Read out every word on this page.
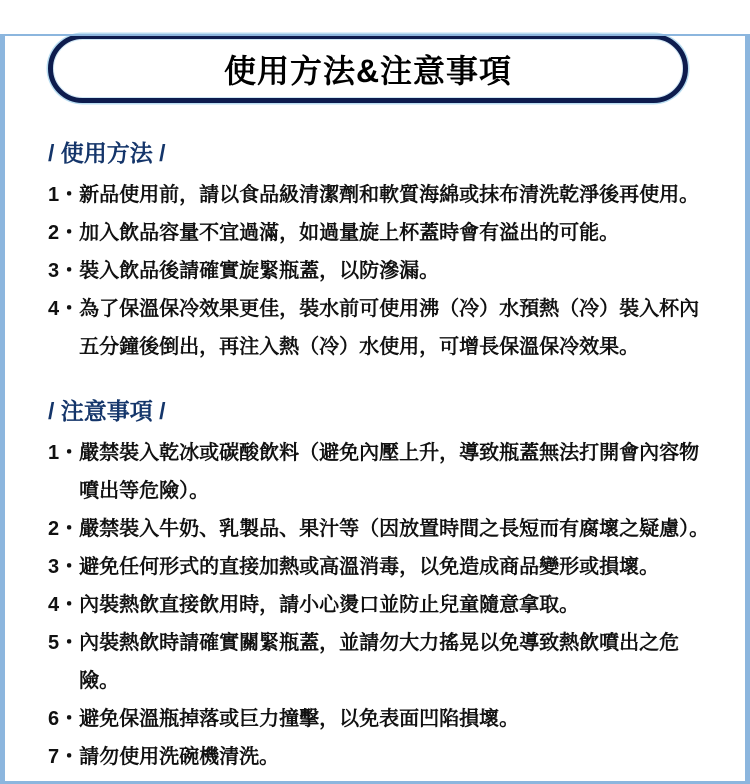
使用方法&注意事項
/ 使用方法 /
1・ 新品使用前，請以食品級清潔劑和軟質海綿或抹布清洗乾淨後再使用。
2・ 加入飲品容量不宜過滿，如過量旋上杯蓋時會有溢出的可能。
3・ 裝入飲品後請確實旋緊瓶蓋，以防滲漏。
4・ 為了保溫保冷效果更佳，裝水前可使用沸（冷）水預熱（冷）裝入杯內五分鐘後倒出，再注入熱（冷）水使用，可增長保溫保冷效果。
/ 注意事項 /
1・ 嚴禁裝入乾冰或碳酸飲料（避免內壓上升，導致瓶蓋無法打開會內容物噴出等危險）。
2・ 嚴禁裝入牛奶、乳製品、果汁等（因放置時間之長短而有腐壞之疑慮）。
3・ 避免任何形式的直接加熱或高溫消毒，以免造成商品變形或損壞。
4・ 內裝熱飲直接飲用時，請小心燙口並防止兒童隨意拿取。
5・ 內裝熱飲時請確實關緊瓶蓋，並請勿大力搖晃以免導致熱飲噴出之危險。
6・ 避免保溫瓶掉落或巨力撞擊，以免表面凹陷損壞。
7・ 請勿使用洗碗機清洗。
